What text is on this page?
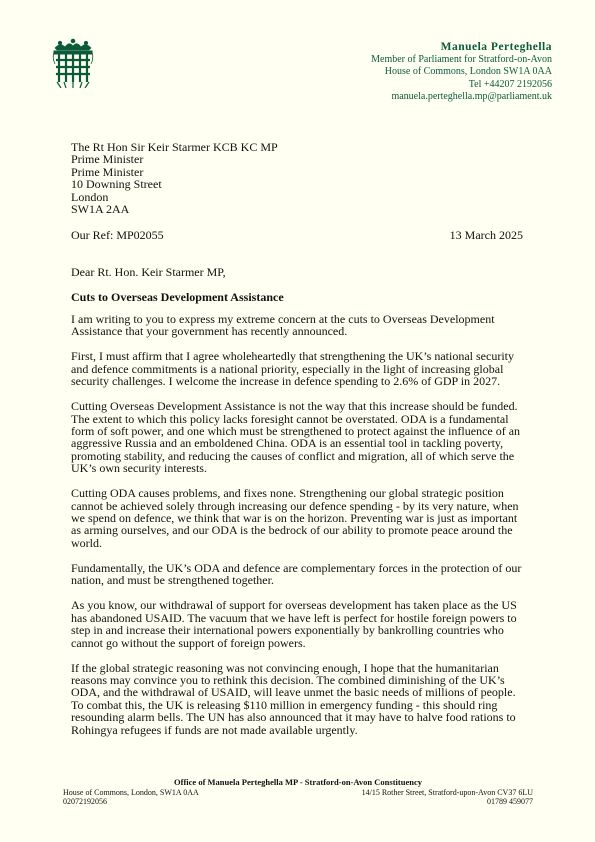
Manuela Perteghella
Member of Parliament for Stratford-on-Avon
House of Commons, London SW1A 0AA
Tel +44207 2192056
manuela.perteghella.mp@parliament.uk
The Rt Hon Sir Keir Starmer KCB KC MP
Prime Minister
Prime Minister
10 Downing Street
London
SW1A 2AA
Our Ref: MP02055	13 March 2025
Dear Rt. Hon. Keir Starmer MP,
Cuts to Overseas Development Assistance

I am writing to you to express my extreme concern at the cuts to Overseas Development Assistance that your government has recently announced.

First, I must affirm that I agree wholeheartedly that strengthening the UK’s national security and defence commitments is a national priority, especially in the light of increasing global security challenges. I welcome the increase in defence spending to 2.6% of GDP in 2027.

Cutting Overseas Development Assistance is not the way that this increase should be funded. The extent to which this policy lacks foresight cannot be overstated. ODA is a fundamental form of soft power, and one which must be strengthened to protect against the influence of an aggressive Russia and an emboldened China. ODA is an essential tool in tackling poverty, promoting stability, and reducing the causes of conflict and migration, all of which serve the UK’s own security interests.

Cutting ODA causes problems, and fixes none. Strengthening our global strategic position cannot be achieved solely through increasing our defence spending - by its very nature, when we spend on defence, we think that war is on the horizon. Preventing war is just as important as arming ourselves, and our ODA is the bedrock of our ability to promote peace around the world.

Fundamentally, the UK’s ODA and defence are complementary forces in the protection of our nation, and must be strengthened together.

As you know, our withdrawal of support for overseas development has taken place as the US has abandoned USAID. The vacuum that we have left is perfect for hostile foreign powers to step in and increase their international powers exponentially by bankrolling countries who cannot go without the support of foreign powers.

If the global strategic reasoning was not convincing enough, I hope that the humanitarian reasons may convince you to rethink this decision. The combined diminishing of the UK’s ODA, and the withdrawal of USAID, will leave unmet the basic needs of millions of people. To combat this, the UK is releasing $110 million in emergency funding - this should ring resounding alarm bells. The UN has also announced that it may have to halve food rations to Rohingya refugees if funds are not made available urgently.

Office of Manuela Perteghella MP - Stratford-on-Avon Constituency
House of Commons, London, SW1A 0AA	14/15 Rother Street, Stratford-upon-Avon CV37 6LU
02072192056	01789 459077
